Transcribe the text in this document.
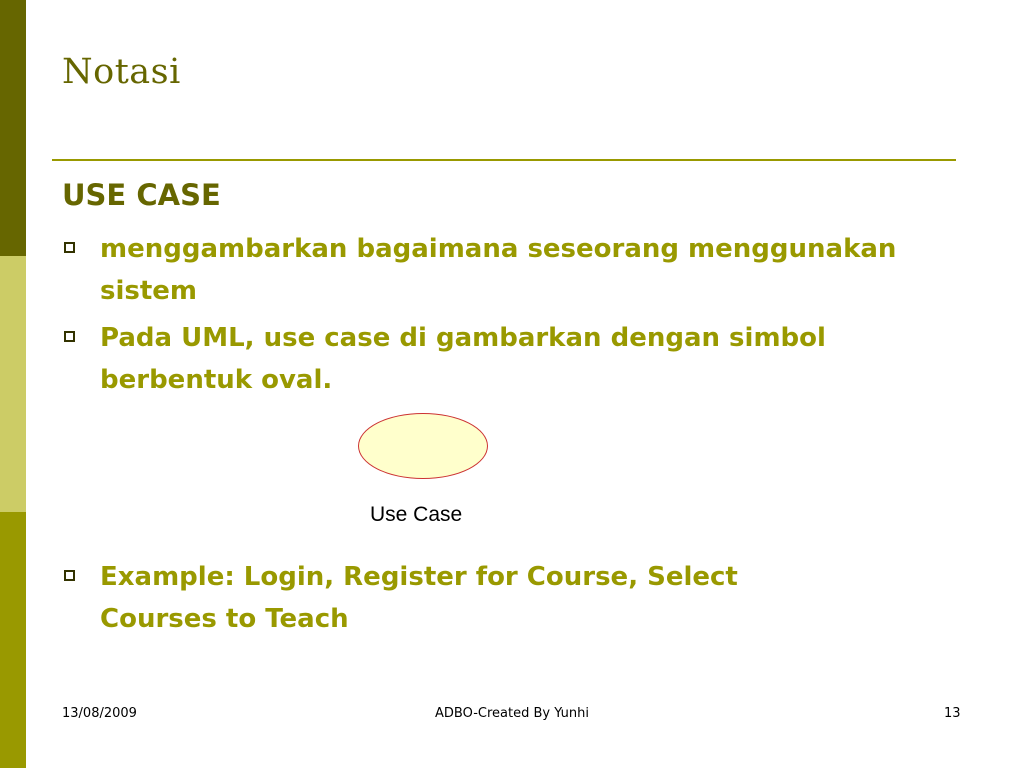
Notasi
USE CASE
menggambarkan bagaimana seseorang menggunakan
sistem
Pada UML, use case di gambarkan dengan simbol
berbentuk oval.
Use Case
Example: Login, Register for Course, Select
Courses to Teach
13/08/2009	ADBO-Created By Yunhi	13
